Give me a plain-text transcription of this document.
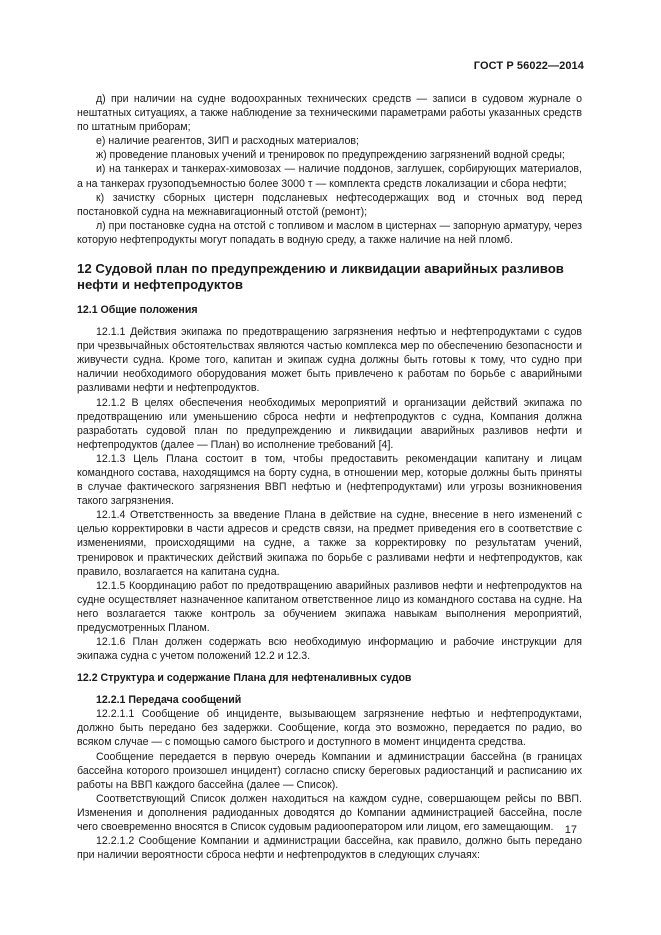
ГОСТ Р 56022—2014

д) при наличии на судне водоохранных технических средств — записи в судовом журнале о нештатных ситуациях, а также наблюдение за техническими параметрами работы указанных средств по штатным приборам;

е) наличие реагентов, ЗИП и расходных материалов;

ж) проведение плановых учений и тренировок по предупреждению загрязнений водной среды;

и) на танкерах и танкерах-химовозах — наличие поддонов, заглушек, сорбирующих материалов, а на танкерах грузоподъемностью более 3000 т — комплекта средств локализации и сбора нефти;

к) зачистку сборных цистерн подсланевых нефтесодержащих вод и сточных вод перед постановкой судна на межнавигационный отстой (ремонт);

л) при постановке судна на отстой с топливом и маслом в цистернах — запорную арматуру, через которую нефтепродукты могут попадать в водную среду, а также наличие на ней пломб.

12 Судовой план по предупреждению и ликвидации аварийных разливов нефти и нефтепродуктов
12.1 Общие положения

12.1.1 Действия экипажа по предотвращению загрязнения нефтью и нефтепродуктами с судов при чрезвычайных обстоятельствах являются частью комплекса мер по обеспечению безопасности и живучести судна. Кроме того, капитан и экипаж судна должны быть готовы к тому, что судно при наличии необходимого оборудования может быть привлечено к работам по борьбе с аварийными разливами нефти и нефтепродуктов.

12.1.2 В целях обеспечения необходимых мероприятий и организации действий экипажа по предотвращению или уменьшению сброса нефти и нефтепродуктов с судна, Компания должна разработать судовой план по предупреждению и ликвидации аварийных разливов нефти и нефтепродуктов (далее — План) во исполнение требований [4].

12.1.3 Цель Плана состоит в том, чтобы предоставить рекомендации капитану и лицам командного состава, находящимся на борту судна, в отношении мер, которые должны быть приняты в случае фактического загрязнения ВВП нефтью и (нефтепродуктами) или угрозы возникновения такого загрязнения.

12.1.4 Ответственность за введение Плана в действие на судне, внесение в него изменений с целью корректировки в части адресов и средств связи, на предмет приведения его в соответствие с изменениями, происходящими на судне, а также за корректировку по результатам учений, тренировок и практических действий экипажа по борьбе с разливами нефти и нефтепродуктов, как правило, возлагается на капитана судна.

12.1.5 Координацию работ по предотвращению аварийных разливов нефти и нефтепродуктов на судне осуществляет назначенное капитаном ответственное лицо из командного состава на судне. На него возлагается также контроль за обучением экипажа навыкам выполнения мероприятий, предусмотренных Планом.

12.1.6 План должен содержать всю необходимую информацию и рабочие инструкции для экипажа судна с учетом положений 12.2 и 12.3.

12.2 Структура и содержание Плана для нефтеналивных судов
12.2.1 Передача сообщений

12.2.1.1 Сообщение об инциденте, вызывающем загрязнение нефтью и нефтепродуктами, должно быть передано без задержки. Сообщение, когда это возможно, передается по радио, во всяком случае — с помощью самого быстрого и доступного в момент инцидента средства.

Сообщение передается в первую очередь Компании и администрации бассейна (в границах бассейна которого произошел инцидент) согласно списку береговых радиостанций и расписанию их работы на ВВП каждого бассейна (далее — Список).

Соответствующий Список должен находиться на каждом судне, совершающем рейсы по ВВП. Изменения и дополнения радиоданных доводятся до Компании администрацией бассейна, после чего своевременно вносятся в Список судовым радиооператором или лицом, его замещающим.

12.2.1.2 Сообщение Компании и администрации бассейна, как правило, должно быть передано при наличии вероятности сброса нефти и нефтепродуктов в следующих случаях:

17
